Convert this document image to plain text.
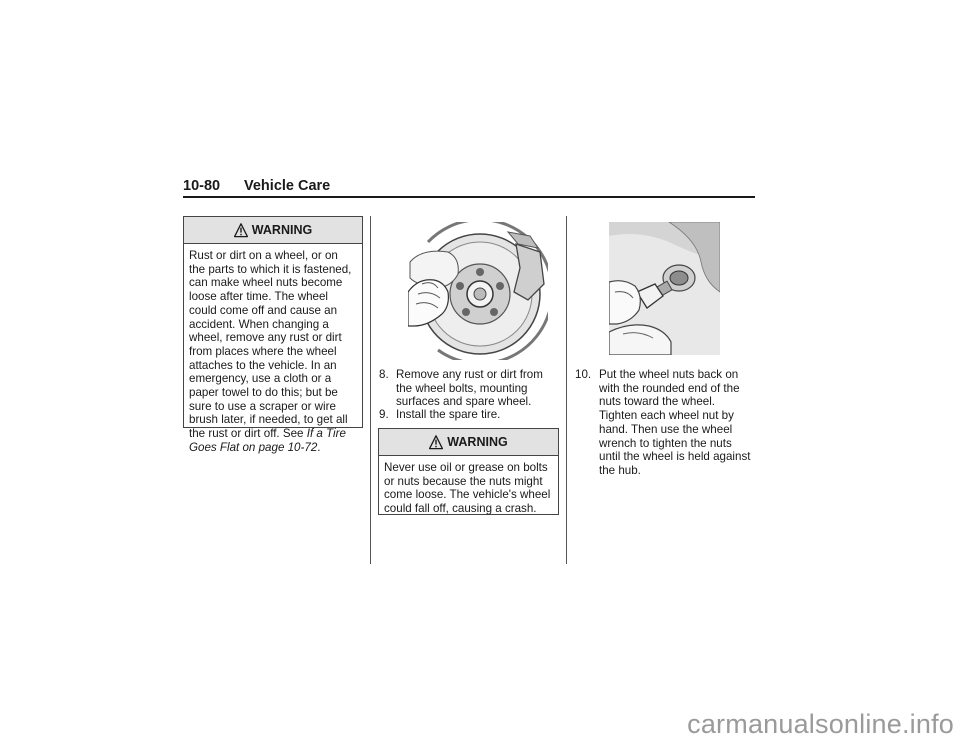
10-80 Vehicle Care
WARNING
Rust or dirt on a wheel, or on the parts to which it is fastened, can make wheel nuts become loose after time. The wheel could come off and cause an accident. When changing a wheel, remove any rust or dirt from places where the wheel attaches to the vehicle. In an emergency, use a cloth or a paper towel to do this; but be sure to use a scraper or wire brush later, if needed, to get all the rust or dirt off. See If a Tire Goes Flat on page 10-72.
8. Remove any rust or dirt from the wheel bolts, mounting surfaces and spare wheel.
9. Install the spare tire.
WARNING
Never use oil or grease on bolts or nuts because the nuts might come loose. The vehicle's wheel could fall off, causing a crash.
10. Put the wheel nuts back on with the rounded end of the nuts toward the wheel. Tighten each wheel nut by hand. Then use the wheel wrench to tighten the nuts until the wheel is held against the hub.
carmanualsonline.info
